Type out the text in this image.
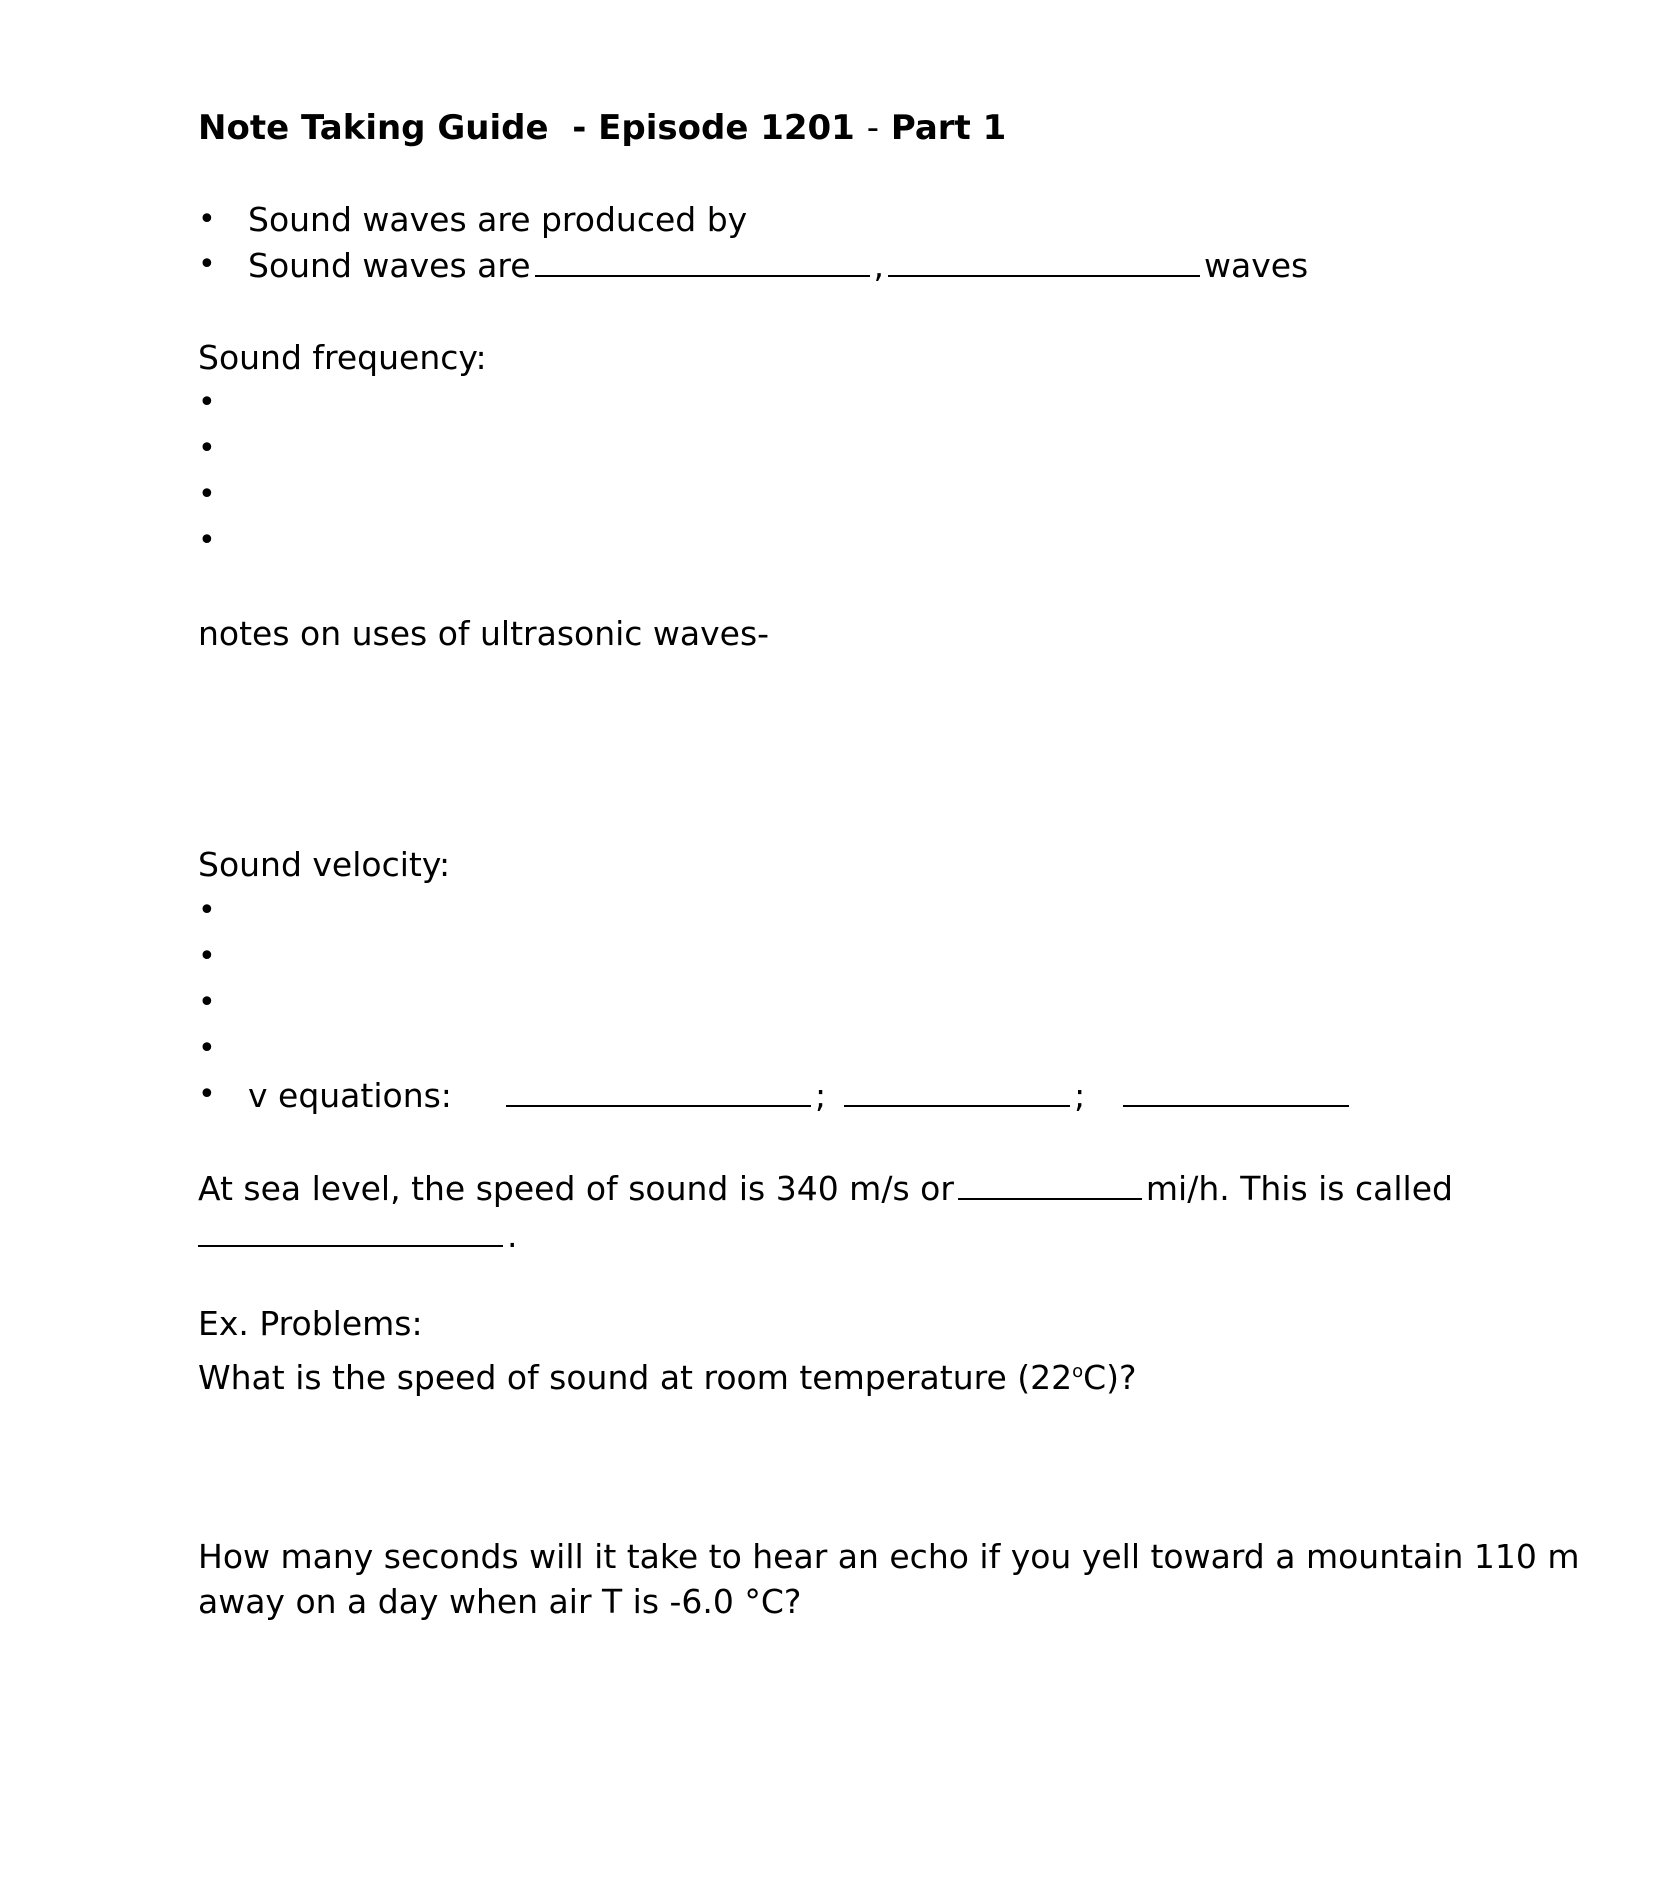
Note Taking Guide - Episode 1201 - Part 1

•

Sound waves are produced by

•

Sound waves are	,	waves

Sound frequency:
•
•
•
•
notes on uses of ultrasonic waves-
Sound velocity:
•
•
•
•

•

v equations:	;	;

At sea level, the speed of sound is 340 m/s or	mi/h. This is called
.
Ex. Problems:
What is the speed of sound at room temperature (22$^o$C)?
How many seconds will it take to hear an echo if you yell toward a mountain 110 m
away on a day when air T is -6.0 °C?
